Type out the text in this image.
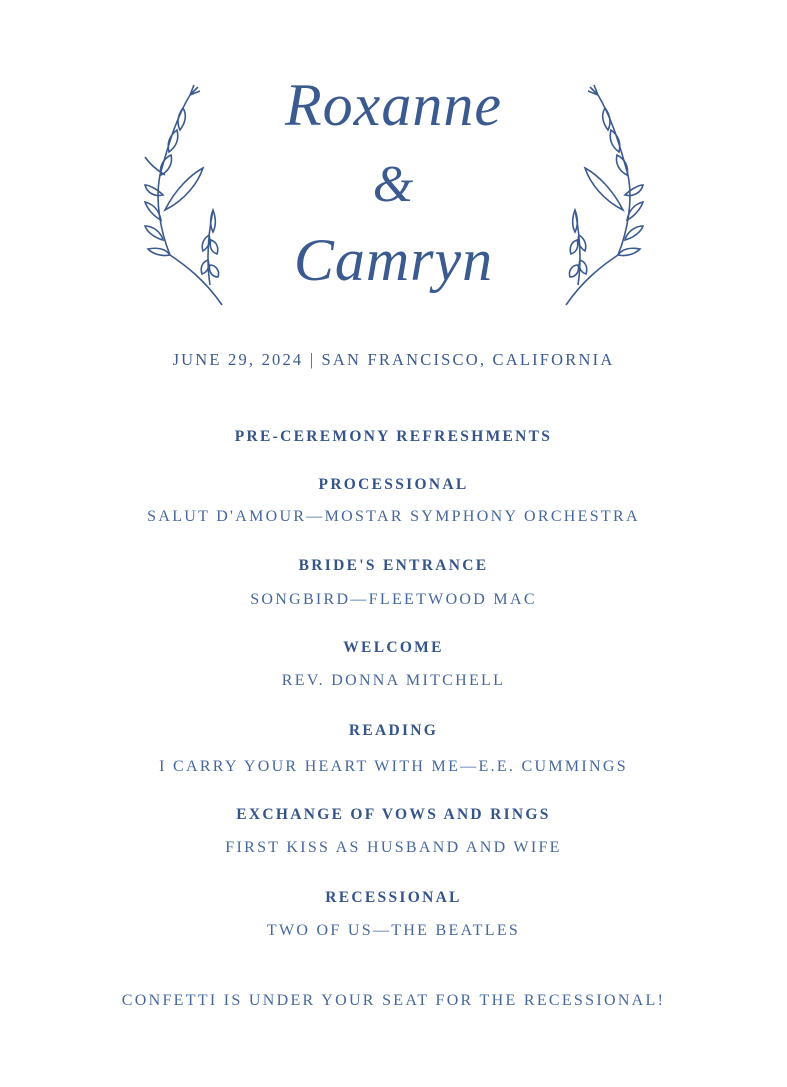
Roxanne
&
Camryn
JUNE 29, 2024 | SAN FRANCISCO, CALIFORNIA
PRE-CEREMONY REFRESHMENTS
PROCESSIONAL
SALUT D'AMOUR—MOSTAR SYMPHONY ORCHESTRA
BRIDE'S ENTRANCE
SONGBIRD—FLEETWOOD MAC
WELCOME
REV. DONNA MITCHELL
READING
I CARRY YOUR HEART WITH ME—E.E. CUMMINGS
EXCHANGE OF VOWS AND RINGS
FIRST KISS AS HUSBAND AND WIFE
RECESSIONAL
TWO OF US—THE BEATLES
CONFETTI IS UNDER YOUR SEAT FOR THE RECESSIONAL!
